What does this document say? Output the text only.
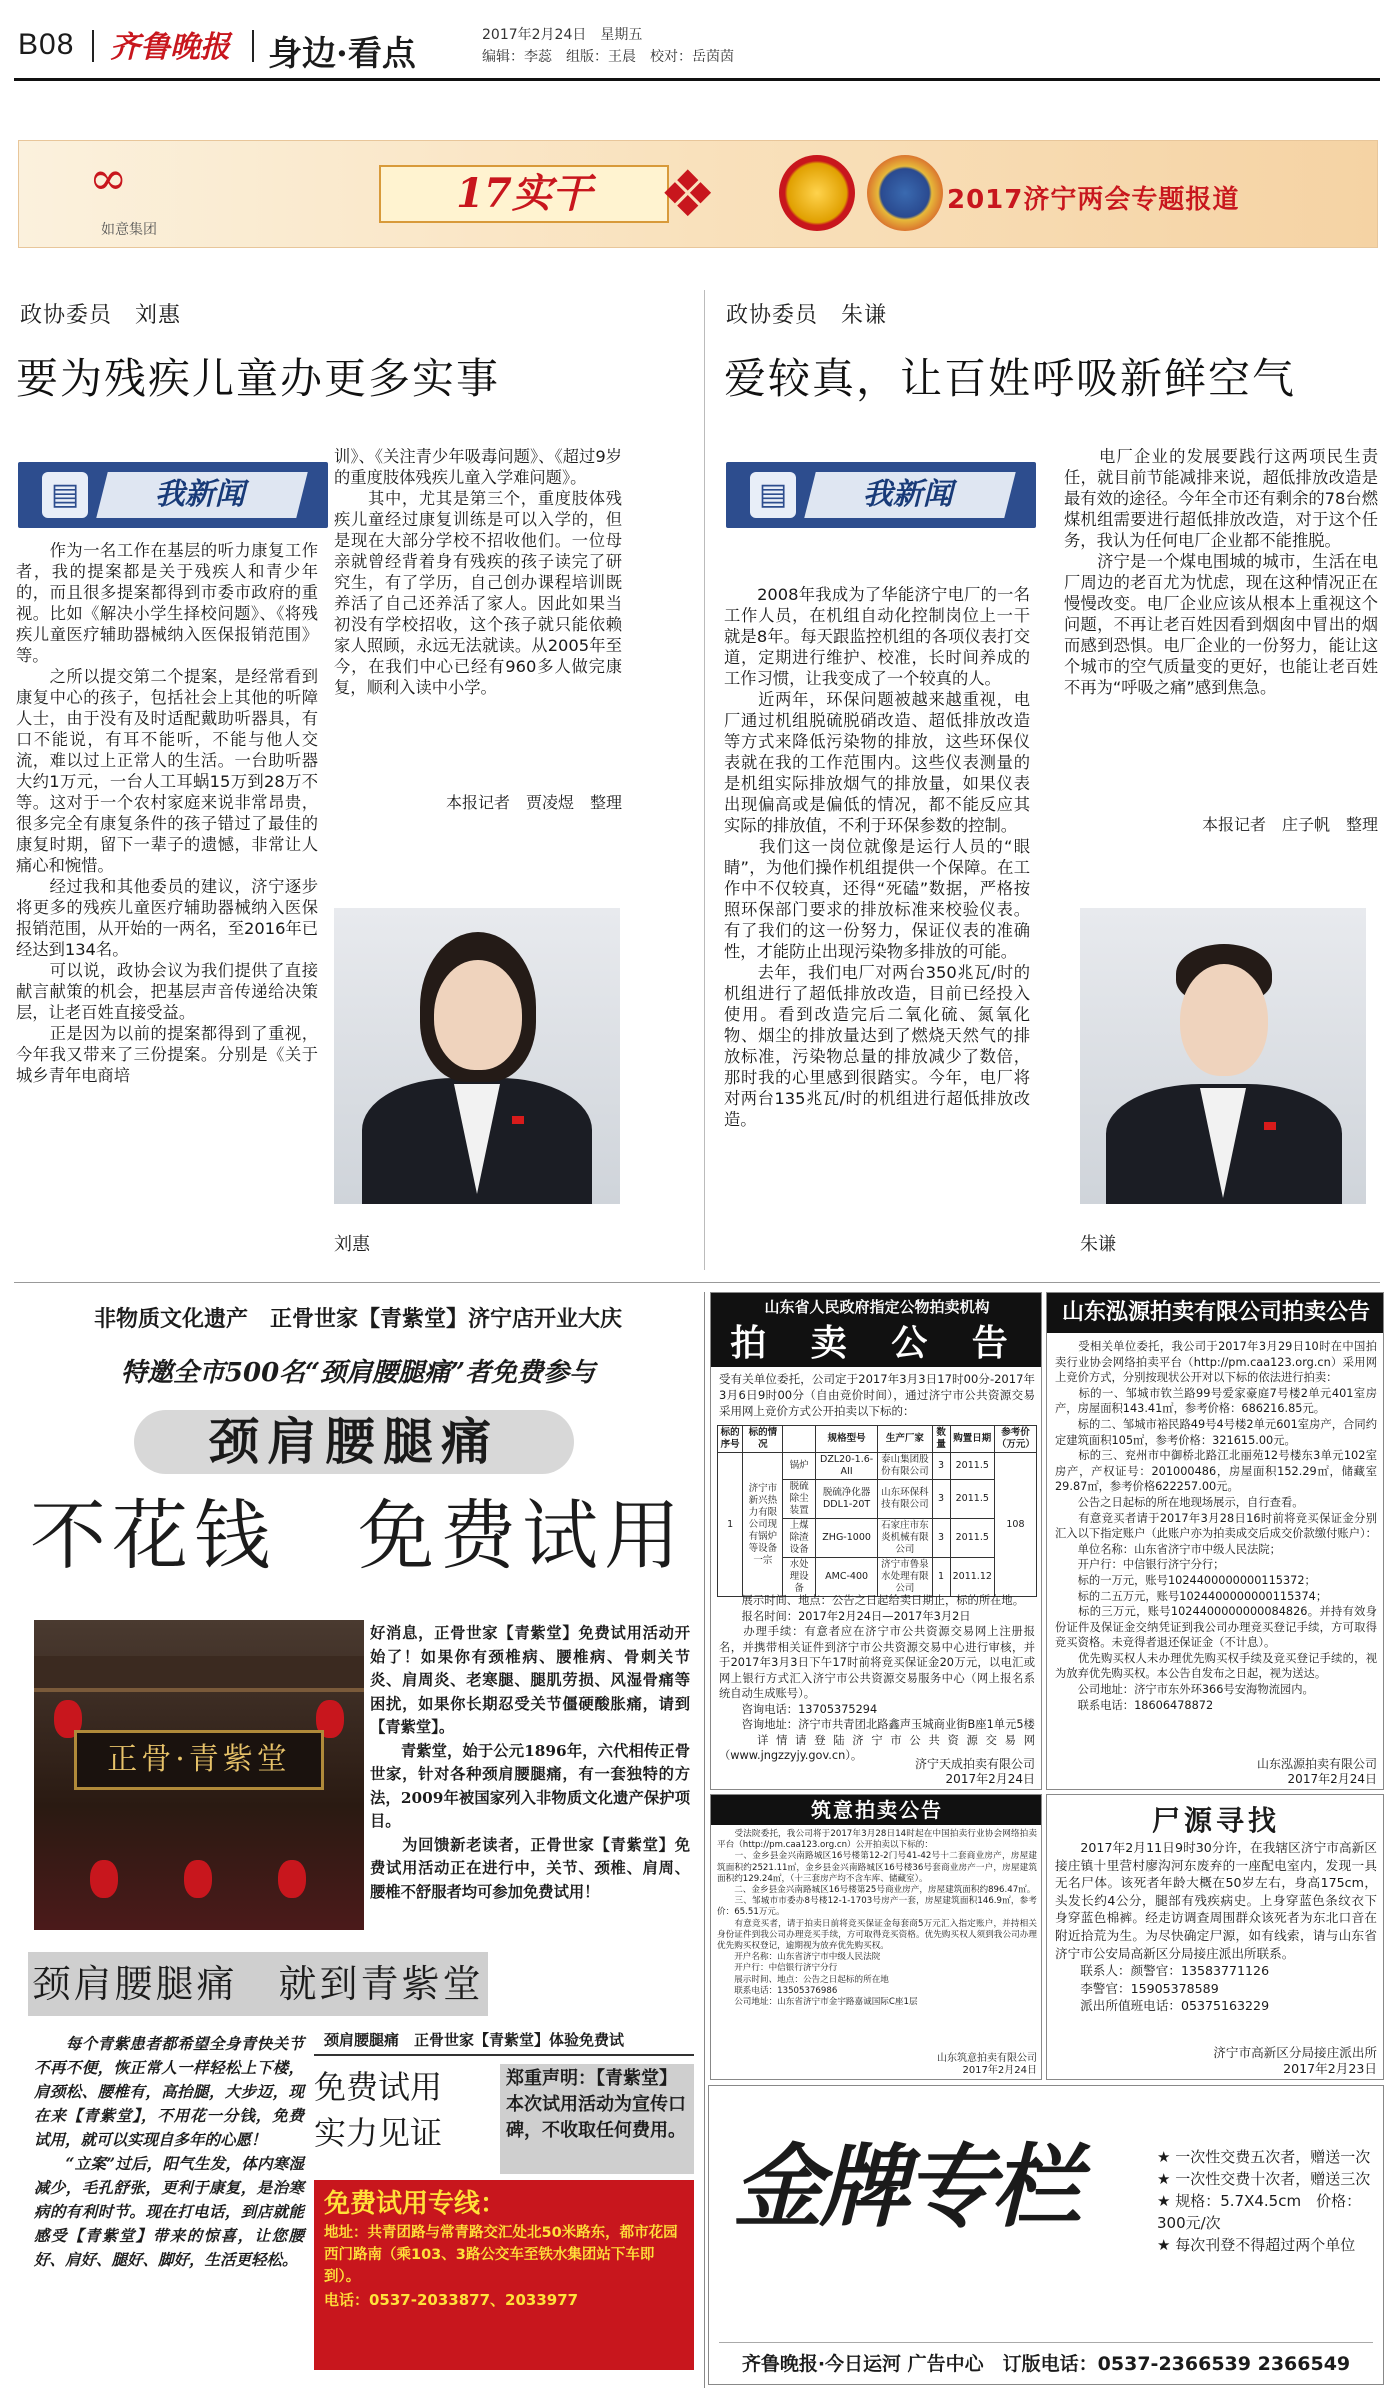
B08 齐鲁晚报 身边·看点	2017年2月24日　星期五
编辑：李蕊　组版：王晨　校对：岳茵茵
∞
如意集团
17实干	❖	2017济宁两会专题报道
政协委员　刘惠
要为残疾儿童办更多实事
▤	我新闻
　　作为一名工作在基层的听力康复工作者，我的提案都是关于残疾人和青少年的，而且很多提案都得到市委市政府的重视。比如《解决小学生择校问题》、《将残疾儿童医疗辅助器械纳入医保报销范围》等。
　　之所以提交第二个提案，是经常看到康复中心的孩子，包括社会上其他的听障人士，由于没有及时适配戴助听器具，有口不能说，有耳不能听，不能与他人交流，难以过上正常人的生活。一台助听器大约1万元，一台人工耳蜗15万到28万不等。这对于一个农村家庭来说非常昂贵，很多完全有康复条件的孩子错过了最佳的康复时期，留下一辈子的遗憾，非常让人痛心和惋惜。
　　经过我和其他委员的建议，济宁逐步将更多的残疾儿童医疗辅助器械纳入医保报销范围，从开始的一两名，至2016年已经达到134名。
　　可以说，政协会议为我们提供了直接献言献策的机会，把基层声音传递给决策层，让老百姓直接受益。
　　正是因为以前的提案都得到了重视，今年我又带来了三份提案。分别是《关于城乡青年电商培
训》、《关注青少年吸毒问题》、《超过9岁的重度肢体残疾儿童入学难问题》。
　　其中，尤其是第三个，重度肢体残疾儿童经过康复训练是可以入学的，但是现在大部分学校不招收他们。一位母亲就曾经背着身有残疾的孩子读完了研究生，有了学历，自己创办课程培训既养活了自己还养活了家人。因此如果当初没有学校招收，这个孩子就只能依赖家人照顾，永远无法就读。从2005年至今，在我们中心已经有960多人做完康复，顺利入读中小学。
本报记者　贾凌煜　整理
刘惠
政协委员　朱谦
爱较真，让百姓呼吸新鲜空气
▤	我新闻
　　2008年我成为了华能济宁电厂的一名工作人员，在机组自动化控制岗位上一干就是8年。每天跟监控机组的各项仪表打交道，定期进行维护、校准，长时间养成的工作习惯，让我变成了一个较真的人。
　　近两年，环保问题被越来越重视，电厂通过机组脱硫脱硝改造、超低排放改造等方式来降低污染物的排放，这些环保仪表就在我的工作范围内。这些仪表测量的是机组实际排放烟气的排放量，如果仪表出现偏高或是偏低的情况，都不能反应其实际的排放值，不利于环保参数的控制。
　　我们这一岗位就像是运行人员的“眼睛”，为他们操作机组提供一个保障。在工作中不仅较真，还得“死磕”数据，严格按照环保部门要求的排放标准来校验仪表。有了我们的这一份努力，保证仪表的准确性，才能防止出现污染物多排放的可能。
　　去年，我们电厂对两台350兆瓦/时的机组进行了超低排放改造，目前已经投入使用。看到改造完后二氧化硫、氮氧化物、烟尘的排放量达到了燃烧天然气的排放标准，污染物总量的排放减少了数倍，那时我的心里感到很踏实。今年，电厂将对两台135兆瓦/时的机组进行超低排放改造。
　　电厂企业的发展要践行这两项民生责任，就目前节能减排来说，超低排放改造是最有效的途径。今年全市还有剩余的78台燃煤机组需要进行超低排放改造，对于这个任务，我认为任何电厂企业都不能推脱。
　　济宁是一个煤电围城的城市，生活在电厂周边的老百尤为忧虑，现在这种情况正在慢慢改变。电厂企业应该从根本上重视这个问题，不再让老百姓因看到烟囱中冒出的烟而感到恐惧。电厂企业的一份努力，能让这个城市的空气质量变的更好，也能让老百姓不再为“呼吸之痛”感到焦急。
本报记者　庄子帆　整理
朱谦
非物质文化遗产　正骨世家【青紫堂】济宁店开业大庆
特邀全市500名“颈肩腰腿痛”者免费参与
颈肩腰腿痛
不花钱　免费试用
正骨·青紫堂
好消息，正骨世家【青紫堂】免费试用活动开始了！如果你有颈椎病、腰椎病、骨刺关节炎、肩周炎、老寒腿、腿肌劳损、风湿骨痛等困扰，如果你长期忍受关节僵硬酸胀痛，请到【青紫堂】。
　　青紫堂，始于公元1896年，六代相传正骨世家，针对各种颈肩腰腿痛，有一套独特的方法，2009年被国家列入非物质文化遗产保护项目。
　　为回馈新老读者，正骨世家【青紫堂】免费试用活动正在进行中，关节、颈椎、肩周、腰椎不舒服者均可参加免费试用！
颈肩腰腿痛　就到青紫堂
　　每个青紫患者都希望全身青快关节不再不便，恢正常人一样轻松上下楼，肩颈松、腰椎有，高抬腿，大步迈，现在来【青紫堂】，不用花一分钱，免费试用，就可以实现自多年的心愿！
　　“立案”过后，阳气生发，体内寒湿减少，毛孔舒张，更利于康复，是治寒病的有利时节。现在打电话，到店就能感受【青紫堂】带来的惊喜，让您腰好、肩好、腿好、脚好，生活更轻松。
颈肩腰腿痛　正骨世家【青紫堂】体验免费试
免费试用
实力见证
郑重声明：【青紫堂】本次试用活动为宣传口碑，不收取任何费用。
免费试用专线：
地址：共青团路与常青路交汇处北50米路东，都市花园西门路南（乘103、3路公交车至铁水集团站下车即到）。
电话：0537-2033877、2033977
山东省人民政府指定公物拍卖机构
拍 卖 公 告
受有关单位委托，公司定于2017年3月3日17时00分-2017年3月6日9时00分（自由竞价时间），通过济宁市公共资源交易采用网上竞价方式公开拍卖以下标的：
标的序号	标的情况		规格型号	生产厂家	数量	购置日期	参考价（万元）
1	济宁市新兴热力有限公司现有锅炉等设备一宗	锅炉	DZL20-1.6-AII	泰山集团股份有限公司	3	2011.5	108
		脱硫除尘装置	脱硫净化器DDL1-20T	山东环保科技有限公司	3	2011.5	
		上煤除渣设备	ZHG-1000	石家庄市东炎机械有限公司	3	2011.5	
		水处理设备	AMC-400	济宁市鲁泉水处理有限公司	1	2011.12	
　　展示时间、地点：公告之日起给卖日期止，标的所在地。
　　报名时间：2017年2月24日—2017年3月2日
　　办理手续：有意者应在济宁市公共资源交易网上注册报名，并携带相关证件到济宁市公共资源交易中心进行审核，并于2017年3月3日下午17时前将竞买保证金20万元，以电汇或网上银行方式汇入济宁市公共资源交易服务中心（网上报名系统自动生成账号）。
　　咨询电话：13705375294
　　咨询地址：济宁市共青团北路鑫声玉城商业街B座1单元5楼
　　详情请登陆济宁市公共资源交易网（www.jngzzyjy.gov.cn）。
济宁天成拍卖有限公司
2017年2月24日
山东泓源拍卖有限公司拍卖公告
　　受相关单位委托，我公司于2017年3月29日10时在中国拍卖行业协会网络拍卖平台（http://pm.caa123.org.cn）采用网上竞价方式，分别按现状公开对以下标的依法进行拍卖：
　　标的一、邹城市钦兰路99号爱家豪庭7号楼2单元401室房产，房屋面积143.41㎡，参考价格：686216.85元。
　　标的二、邹城市裕民路49号4号楼2单元601室房产，合同约定建筑面积105㎡，参考价格：321615.00元。
　　标的三、兖州市中御桥北路江北丽苑12号楼东3单元102室房产，产权证号：201000486，房屋面积152.29㎡，储藏室29.87㎡，参考价格622257.00元。
　　公告之日起标的所在地现场展示，自行查看。
　　有意竞买者请于2017年3月28日16时前将竞买保证金分别汇入以下指定账户（此账户亦为拍卖成交后成交价款缴付账户）：
　　单位名称：山东省济宁市中级人民法院；
　　开户行：中信银行济宁分行；
　　标的一万元，账号1024400000000115372；
　　标的二五万元，账号1024400000000115374；
　　标的三万元，账号1024400000000084826。并持有效身份证件及保证金交纳凭证到我公司办理竞买登记手续，方可取得竞买资格。未竞得者退还保证金（不计息）。
　　优先购买权人未办理优先购买权手续及竞买登记手续的，视为放弃优先购买权。本公告自发布之日起，视为送达。
　　公司地址：济宁市东外环366号安海物流园内。
　　联系电话：18606478872
山东泓源拍卖有限公司
2017年2月24日
筑意拍卖公告
　　受法院委托，我公司将于2017年3月28日14时起在中国拍卖行业协会网络拍卖平台（http://pm.caa123.org.cn）公开拍卖以下标的：
　　一、金乡县金兴南路城区16号楼第12-2门号41-42号十二套商业房产，房屋建筑面积约2521.11㎡，金乡县金兴南路城区16号楼36号套商业房产一户，房屋建筑面积约129.24㎡，（十三套房产均不含车库、储藏室）。
　　二、金乡县金兴南路城区16号楼第25号商业房产，房屋建筑面积约896.47㎡。
　　三、邹城市市委办8号楼12-1-1703号房产一套，房屋建筑面积146.9㎡，参考价：65.51万元。
　　有意竞买者，请于拍卖日前将竞买保证金每套商5万元汇入指定账户，并持相关身份证件到我公司办理竞买手续，方可取得竞买资格。优先购买权人须到我公司办理优先购买权登记，逾期视为放弃优先购买权。
　　开户名称：山东省济宁市中级人民法院
　　开户行：中信银行济宁分行
　　展示时间、地点：公告之日起标的所在地
　　联系电话：13505376986
　　公司地址：山东省济宁市金宇路嘉诚国际C座1层
山东筑意拍卖有限公司
2017年2月24日
尸源寻找
　　2017年2月11日9时30分许，在我辖区济宁市高新区接庄镇十里营村廖沟河东废弃的一座配电室内，发现一具无名尸体。该死者年龄大概在50岁左右，身高175cm，头发长约4公分，腿部有残疾病史。上身穿蓝色条纹衣下身穿蓝色棉裤。经走访调查周围群众该死者为东北口音在附近拾荒为生。为尽快确定尸源，如有线索，请与山东省济宁市公安局高新区分局接庄派出所联系。
　　联系人：颜警官：13583771126
　　李警官：15905378589
　　派出所值班电话：05375163229
济宁市高新区分局接庄派出所
2017年2月23日
金牌专栏	★ 一次性交费五次者，赠送一次
★ 一次性交费十次者，赠送三次
★ 规格：5.7X4.5cm　价格：300元/次
★ 每次刊登不得超过两个单位
齐鲁晚报·今日运河 广告中心　订版电话：0537-2366539 2366549
